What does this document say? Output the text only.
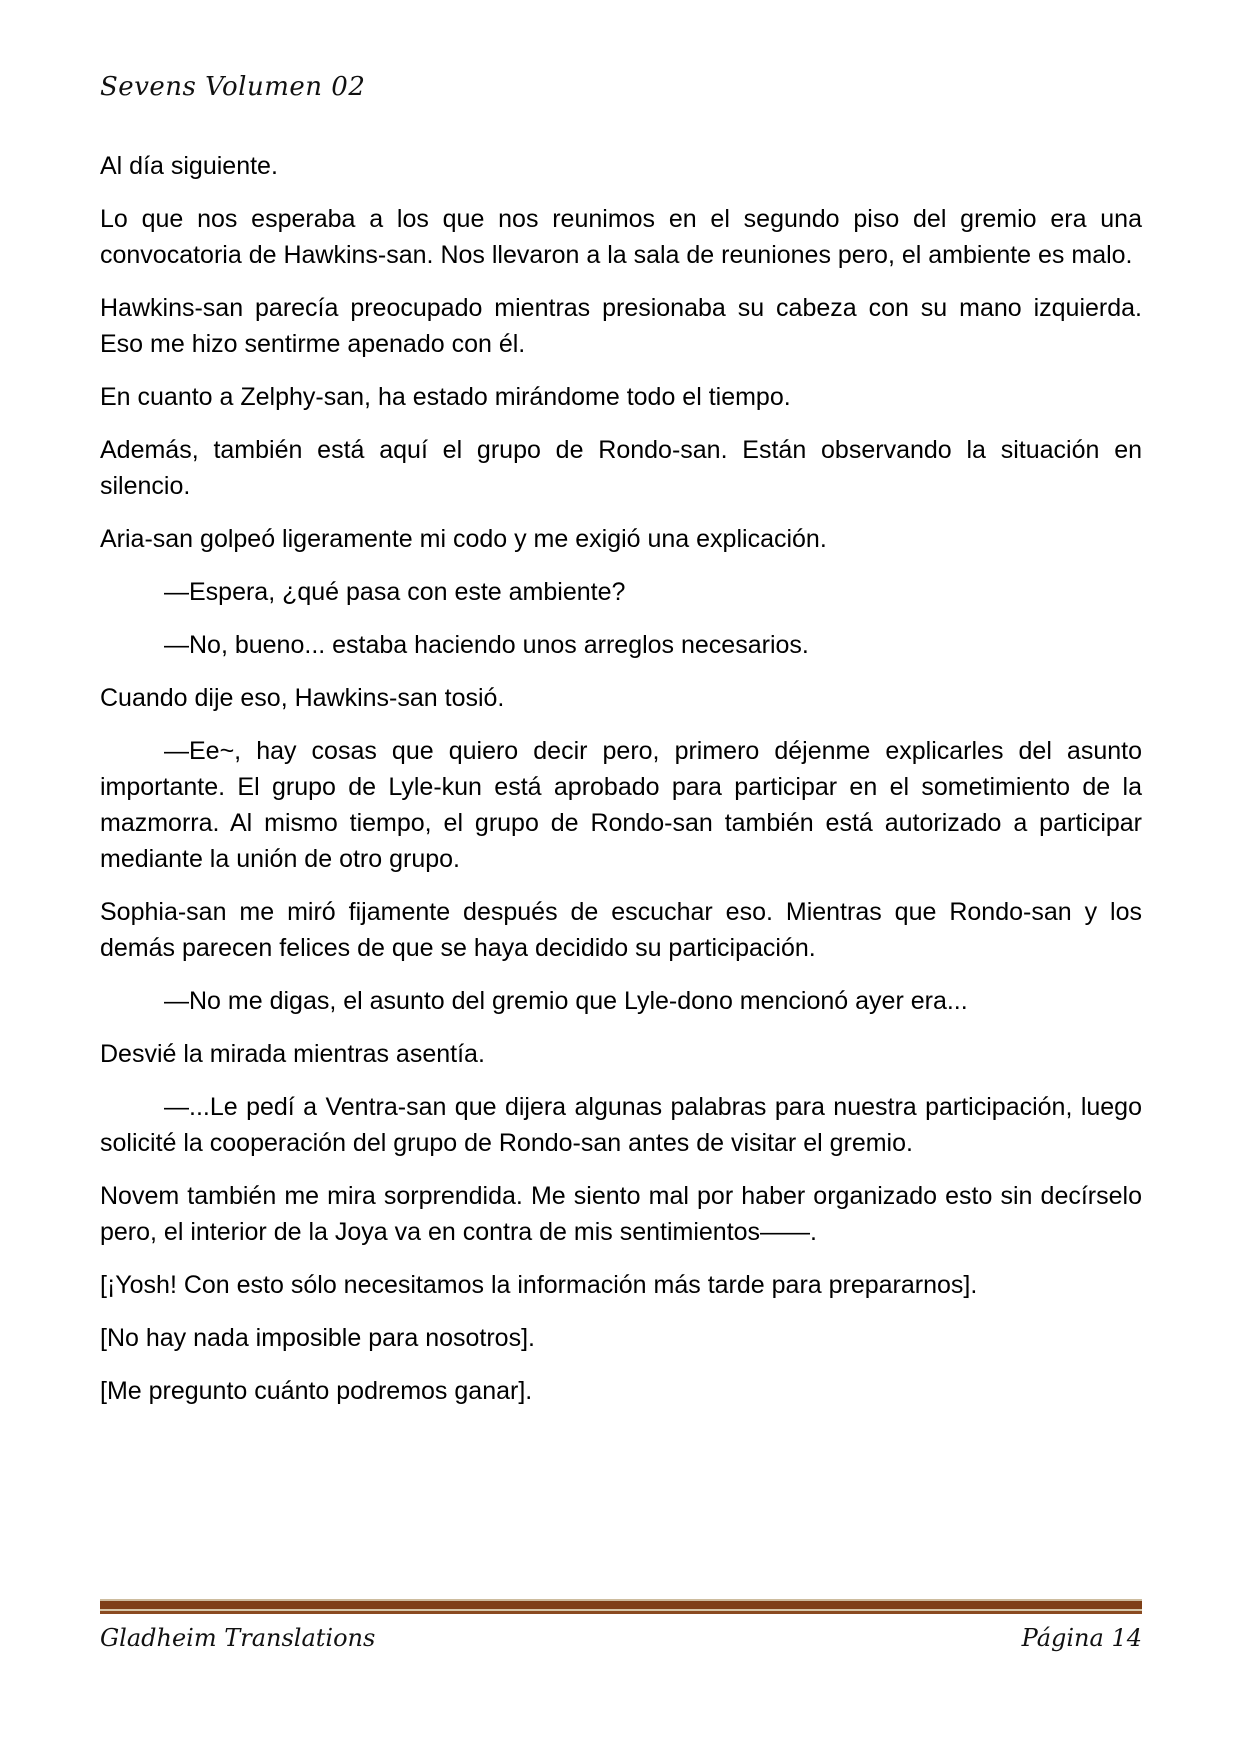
Sevens Volumen 02

Al día siguiente.

Lo que nos esperaba a los que nos reunimos en el segundo piso del gremio era una convocatoria de Hawkins-san. Nos llevaron a la sala de reuniones pero, el ambiente es malo.

Hawkins-san parecía preocupado mientras presionaba su cabeza con su mano izquierda. Eso me hizo sentirme apenado con él.

En cuanto a Zelphy-san, ha estado mirándome todo el tiempo.

Además, también está aquí el grupo de Rondo-san. Están observando la situación en silencio.

Aria-san golpeó ligeramente mi codo y me exigió una explicación.

—Espera, ¿qué pasa con este ambiente?

—No, bueno... estaba haciendo unos arreglos necesarios.

Cuando dije eso, Hawkins-san tosió.

—Ee~, hay cosas que quiero decir pero, primero déjenme explicarles del asunto importante. El grupo de Lyle-kun está aprobado para participar en el sometimiento de la mazmorra. Al mismo tiempo, el grupo de Rondo-san también está autorizado a participar mediante la unión de otro grupo.

Sophia-san me miró fijamente después de escuchar eso. Mientras que Rondo-san y los demás parecen felices de que se haya decidido su participación.

—No me digas, el asunto del gremio que Lyle-dono mencionó ayer era...

Desvié la mirada mientras asentía.

—...Le pedí a Ventra-san que dijera algunas palabras para nuestra participación, luego solicité la cooperación del grupo de Rondo-san antes de visitar el gremio.

Novem también me mira sorprendida. Me siento mal por haber organizado esto sin decírselo pero, el interior de la Joya va en contra de mis sentimientos——.

[¡Yosh! Con esto sólo necesitamos la información más tarde para prepararnos].

[No hay nada imposible para nosotros].

[Me pregunto cuánto podremos ganar].

Gladheim Translations	Página 14
